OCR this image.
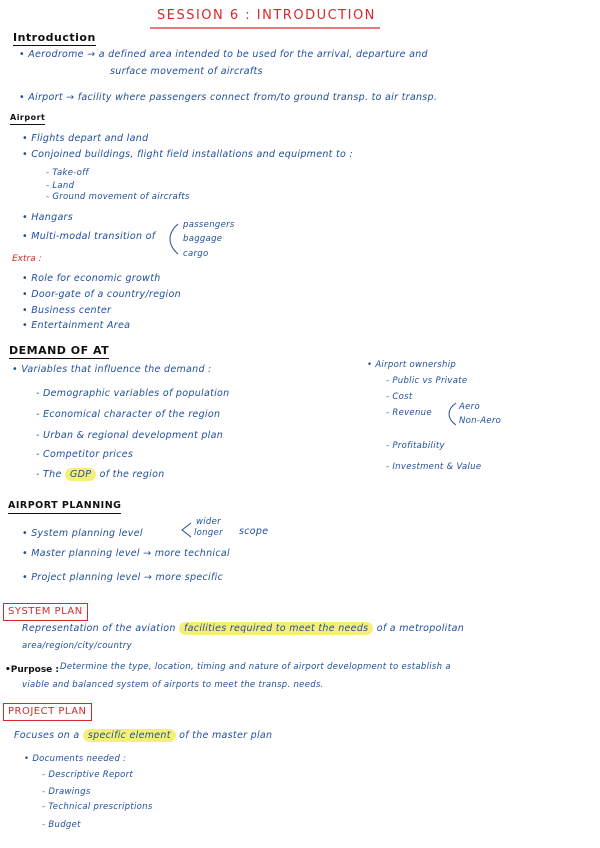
SESSION 6 : INTRODUCTION
Introduction
• Aerodrome → a defined area intended to be used for the arrival, departure and
surface movement of aircrafts
• Airport → facility where passengers connect from/to ground transp. to air transp.
Airport
• Flights depart and land
• Conjoined buildings, flight field installations and equipment to :
- Take-off
- Land
- Ground movement of aircrafts
• Hangars
• Multi-modal transition of
passengers
baggage
cargo
Extra :
• Role for economic growth
• Door-gate of a country/region
• Business center
• Entertainment Area
DEMAND OF AT
• Variables that influence the demand :
- Demographic variables of population
- Economical character of the region
- Urban & regional development plan
- Competitor prices
- The GDP of the region
• Airport ownership
- Public vs Private
- Cost
- Revenue
Aero
Non-Aero
- Profitability
- Investment & Value
AIRPORT PLANNING
• System planning level
wider
longer scope
• Master planning level → more technical
• Project planning level → more specific
SYSTEM PLAN
Representation of the aviation facilities required to meet the needs of a metropolitan
area/region/city/country
•Purpose : Determine the type, location, timing and nature of airport development to establish a
viable and balanced system of airports to meet the transp. needs.
PROJECT PLAN
Focuses on a specific element of the master plan
• Documents needed :
- Descriptive Report
- Drawings
- Technical prescriptions
- Budget
